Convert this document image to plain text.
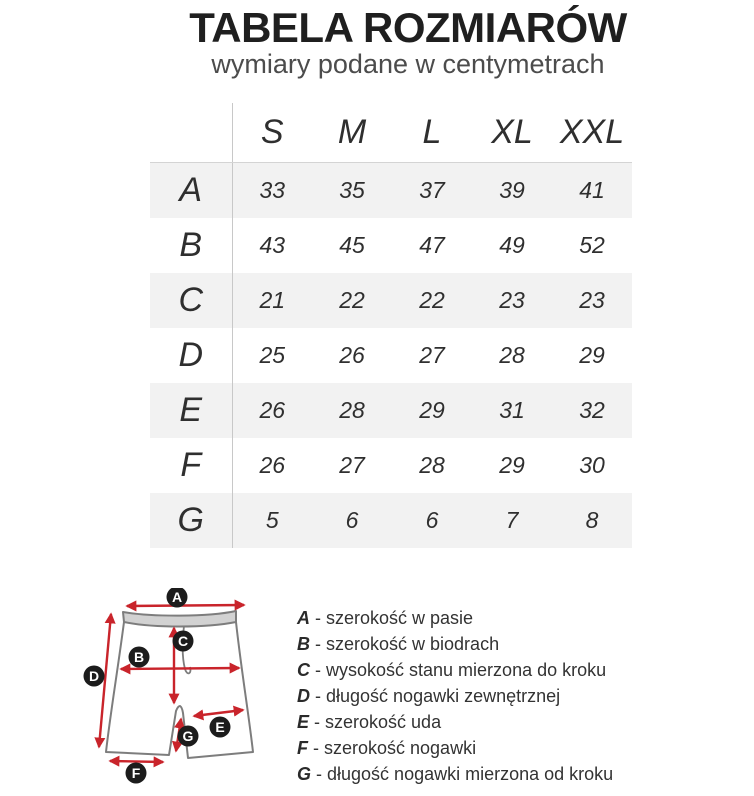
TABELA ROZMIARÓW
wymiary podane w centymetrach
	S	M	L	XL	XXL
A	33	35	37	39	41
B	43	45	47	49	52
C	21	22	22	23	23
D	25	26	27	28	29
E	26	28	29	31	32
F	26	27	28	29	30
G	5	6	6	7	8
A
C
B
D
E
G
F
A - szerokość w pasie
B - szerokość w biodrach
C - wysokość stanu mierzona do kroku
D - długość nogawki zewnętrznej
E - szerokość uda
F - szerokość nogawki
G - długość nogawki mierzona od kroku
